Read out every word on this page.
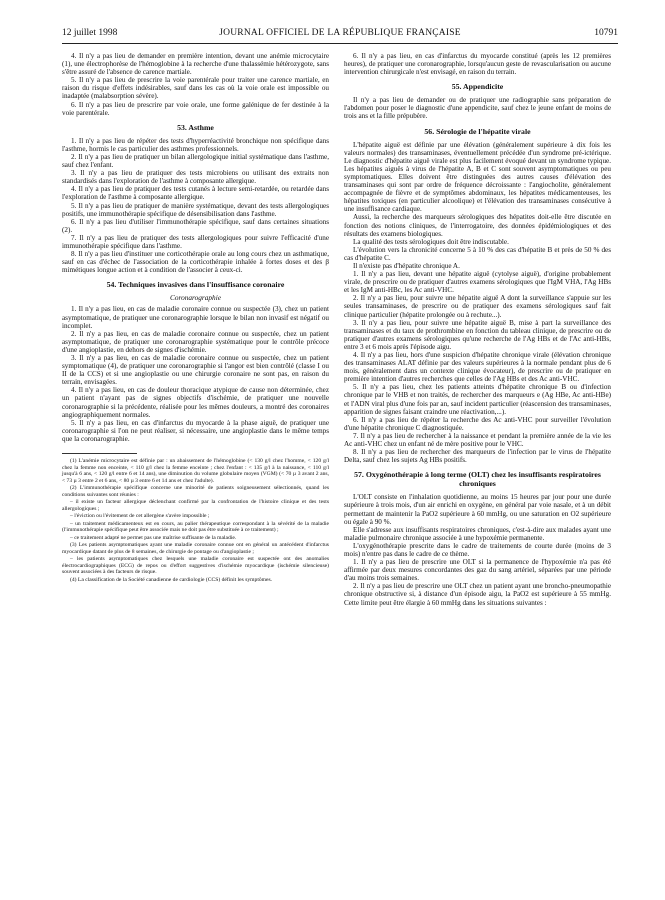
12 juillet 1998	JOURNAL OFFICIEL DE LA RÉPUBLIQUE FRANÇAISE	10791

4. Il n'y a pas lieu de demander en première intention, devant une anémie microcytaire (1), une électrophorèse de l'hémoglobine à la recherche d'une thalassémie hétérozygote, sans s'être assuré de l'absence de carence martiale.

5. Il n'y a pas lieu de prescrire la voie parentérale pour traiter une carence martiale, en raison du risque d'effets indésirables, sauf dans les cas où la voie orale est impossible ou inadaptée (malabsorption sévère).

6. Il n'y a pas lieu de prescrire par voie orale, une forme galénique de fer destinée à la voie parentérale.

53. Asthme

1. Il n'y a pas lieu de répéter des tests d'hyperréactivité bronchique non spécifique dans l'asthme, hormis le cas particulier des asthmes professionnels.

2. Il n'y a pas lieu de pratiquer un bilan allergologique initial systématique dans l'asthme, sauf chez l'enfant.

3. Il n'y a pas lieu de pratiquer des tests microbiens ou utilisant des extraits non standardisés dans l'exploration de l'asthme à composante allergique.

4. Il n'y a pas lieu de pratiquer des tests cutanés à lecture semi-retardée, ou retardée dans l'exploration de l'asthme à composante allergique.

5. Il n'y a pas lieu de pratiquer de manière systématique, devant des tests allergologiques positifs, une immunothérapie spécifique de désensibilisation dans l'asthme.

6. Il n'y a pas lieu d'utiliser l'immunothérapie spécifique, sauf dans certaines situations (2).

7. Il n'y a pas lieu de pratiquer des tests allergologiques pour suivre l'efficacité d'une immunothérapie spécifique dans l'asthme.

8. Il n'y a pas lieu d'instituer une corticothérapie orale au long cours chez un asthmatique, sauf en cas d'échec de l'association de la corticothérapie inhalée à fortes doses et des β mimétiques longue action et à condition de l'associer à ceux-ci.

54. Techniques invasives dans l'insuffisance coronaire
Coronarographie

1. Il n'y a pas lieu, en cas de maladie coronaire connue ou suspectée (3), chez un patient asymptomatique, de pratiquer une coronarographie lorsque le bilan non invasif est négatif ou incomplet.

2. Il n'y a pas lieu, en cas de maladie coronaire connue ou suspectée, chez un patient asymptomatique, de pratiquer une coronarographie systématique pour le contrôle précoce d'une angioplastie, en dehors de signes d'ischémie.

3. Il n'y a pas lieu, en cas de maladie coronaire connue ou suspectée, chez un patient symptomatique (4), de pratiquer une coronarographie si l'angor est bien contrôlé (classe I ou II de la CCS) et si une angioplastie ou une chirurgie coronaire ne sont pas, en raison du terrain, envisagées.

4. Il n'y a pas lieu, en cas de douleur thoracique atypique de cause non déterminée, chez un patient n'ayant pas de signes objectifs d'ischémie, de pratiquer une nouvelle coronarographie si la précédente, réalisée pour les mêmes douleurs, a montré des coronaires angiographiquement normales.

5. Il n'y a pas lieu, en cas d'infarctus du myocarde à la phase aiguë, de pratiquer une coronarographie si l'on ne peut réaliser, si nécessaire, une angioplastie dans le même temps que la coronarographie.

(1) L'anémie microcytaire est définie par : un abaissement de l'hémoglobine (< 130 g/l chez l'homme, < 120 g/l chez la femme non enceinte, < 110 g/l chez la femme enceinte ; chez l'enfant : < 135 g/l à la naissance, < 110 g/l jusqu'à 6 ans, < 120 g/l entre 6 et 14 ans), une diminution du volume globulaire moyen (VGM) (< 70 µ 3 avant 2 ans, < 73 µ 3 entre 2 et 6 ans, < 80 µ 3 entre 6 et 14 ans et chez l'adulte).

(2) L'immunothérapie spécifique concerne une minorité de patients soigneusement sélectionnés, quand les conditions suivantes sont réunies :

– il existe un facteur allergique déclenchant confirmé par la confrontation de l'histoire clinique et des tests allergologiques ;

– l'éviction ou l'évitement de cet allergène s'avère impossible ;

– un traitement médicamenteux est en cours, au palier thérapeutique correspondant à la sévérité de la maladie (l'immunothérapie spécifique peut être associée mais ne doit pas être substituée à ce traitement) ;

– ce traitement adapté ne permet pas une maîtrise suffisante de la maladie.

(3) Les patients asymptomatiques ayant une maladie coronaire connue ont en général un antécédent d'infarctus myocardique datant de plus de 8 semaines, de chirurgie de pontage ou d'angioplastie ;

– les patients asymptomatiques chez lesquels une maladie coronaire est suspectée ont des anomalies électrocardiographiques (ECG) de repos ou d'effort suggestives d'ischémie myocardique (ischémie silencieuse) souvent associées à des facteurs de risque.

(4) La classification de la Société canadienne de cardiologie (CCS) définit les symptômes.

6. Il n'y a pas lieu, en cas d'infarctus du myocarde constitué (après les 12 premières heures), de pratiquer une coronarographie, lorsqu'aucun geste de revascularisation ou aucune intervention chirurgicale n'est envisagé, en raison du terrain.

55. Appendicite

Il n'y a pas lieu de demander ou de pratiquer une radiographie sans préparation de l'abdomen pour poser le diagnostic d'une appendicite, sauf chez le jeune enfant de moins de trois ans et la fille prépubère.

56. Sérologie de l'hépatite virale

L'hépatite aiguë est définie par une élévation (généralement supérieure à dix fois les valeurs normales) des transaminases, éventuellement précédée d'un syndrome pré-ictérique. Le diagnostic d'hépatite aiguë virale est plus facilement évoqué devant un syndrome typique. Les hépatites aiguës à virus de l'hépatite A, B et C sont souvent asymptomatiques ou peu symptomatiques. Elles doivent être distinguées des autres causes d'élévation des transaminases qui sont par ordre de fréquence décroissante : l'angiocholite, généralement accompagnée de fièvre et de symptômes abdominaux, les hépatites médicamenteuses, les hépatites toxiques (en particulier alcoolique) et l'élévation des transaminases consécutive à une insuffisance cardiaque.

Aussi, la recherche des marqueurs sérologiques des hépatites doit-elle être discutée en fonction des notions cliniques, de l'interrogatoire, des données épidémiologiques et des résultats des examens biologiques.

La qualité des tests sérologiques doit être indiscutable.

L'évolution vers la chronicité concerne 5 à 10 % des cas d'hépatite B et près de 50 % des cas d'hépatite C.

Il n'existe pas d'hépatite chronique A.

1. Il n'y a pas lieu, devant une hépatite aiguë (cytolyse aiguë), d'origine probablement virale, de prescrire ou de pratiquer d'autres examens sérologiques que l'IgM VHA, l'Ag HBs et les IgM anti-HBc, les Ac anti-VHC.

2. Il n'y a pas lieu, pour suivre une hépatite aiguë A dont la surveillance s'appuie sur les seules transaminases, de prescrire ou de pratiquer des examens sérologiques sauf fait clinique particulier (hépatite prolongée ou à rechute...).

3. Il n'y a pas lieu, pour suivre une hépatite aiguë B, mise à part la surveillance des transaminases et du taux de prothrombine en fonction du tableau clinique, de prescrire ou de pratiquer d'autres examens sérologiques qu'une recherche de l'Ag HBs et de l'Ac anti-HBs, entre 3 et 6 mois après l'épisode aigu.

4. Il n'y a pas lieu, hors d'une suspicion d'hépatite chronique virale (élévation chronique des transaminases ALAT définie par des valeurs supérieures à la normale pendant plus de 6 mois, généralement dans un contexte clinique évocateur), de prescrire ou de pratiquer en première intention d'autres recherches que celles de l'Ag HBs et des Ac anti-VHC.

5. Il n'y a pas lieu, chez les patients atteints d'hépatite chronique B ou d'infection chronique par le VHB et non traités, de rechercher des marqueurs e (Ag HBe, Ac anti-HBe) et l'ADN viral plus d'une fois par an, sauf incident particulier (réascension des transaminases, apparition de signes faisant craindre une réactivation,...).

6. Il n'y a pas lieu de répéter la recherche des Ac anti-VHC pour surveiller l'évolution d'une hépatite chronique C diagnostiquée.

7. Il n'y a pas lieu de rechercher à la naissance et pendant la première année de la vie les Ac anti-VHC chez un enfant né de mère positive pour le VHC.

8. Il n'y a pas lieu de rechercher des marqueurs de l'infection par le virus de l'hépatite Delta, sauf chez les sujets Ag HBs positifs.

57. Oxygénothérapie à long terme (OLT) chez les insuffisants respiratoires chroniques

L'OLT consiste en l'inhalation quotidienne, au moins 15 heures par jour pour une durée supérieure à trois mois, d'un air enrichi en oxygène, en général par voie nasale, et à un débit permettant de maintenir la PaO2 supérieure à 60 mmHg, ou une saturation en O2 supérieure ou égale à 90 %.

Elle s'adresse aux insuffisants respiratoires chroniques, c'est-à-dire aux malades ayant une maladie pulmonaire chronique associée à une hypoxémie permanente.

L'oxygénothérapie prescrite dans le cadre de traitements de courte durée (moins de 3 mois) n'entre pas dans le cadre de ce thème.

1. Il n'y a pas lieu de prescrire une OLT si la permanence de l'hypoxémie n'a pas été affirmée par deux mesures concordantes des gaz du sang artériel, séparées par une période d'au moins trois semaines.

2. Il n'y a pas lieu de prescrire une OLT chez un patient ayant une broncho-pneumopathie chronique obstructive si, à distance d'un épisode aigu, la PaO2 est supérieure à 55 mmHg. Cette limite peut être élargie à 60 mmHg dans les situations suivantes :
